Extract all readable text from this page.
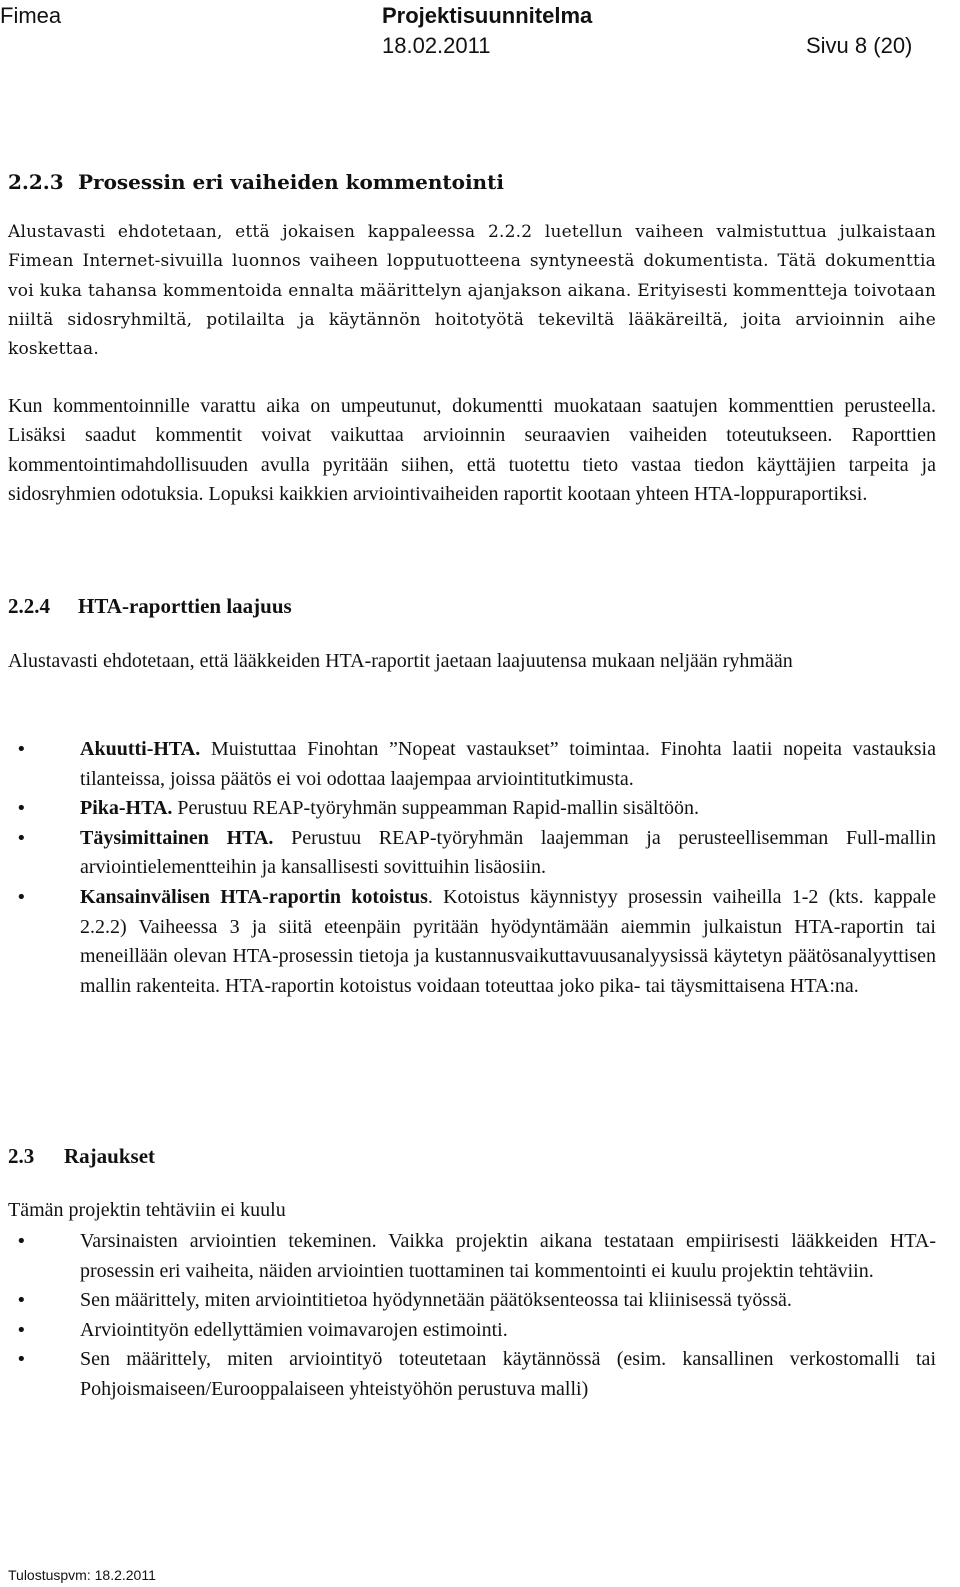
Fimea	Projektisuunnitelma
18.02.2011	Sivu 8 (20)
2.2.3 Prosessin eri vaiheiden kommentointi

Alustavasti ehdotetaan, että jokaisen kappaleessa 2.2.2 luetellun vaiheen valmistuttua julkaistaan Fimean Internet-sivuilla luonnos vaiheen lopputuotteena syntyneestä dokumentista. Tätä dokumenttia voi kuka tahansa kommentoida ennalta määrittelyn ajanjakson aikana. Erityisesti kommentteja toivotaan niiltä sidosryhmiltä, potilailta ja käytännön hoitotyötä tekeviltä lääkäreiltä, joita arvioinnin aihe koskettaa.

Kun kommentoinnille varattu aika on umpeutunut, dokumentti muokataan saatujen kommenttien perusteella. Lisäksi saadut kommentit voivat vaikuttaa arvioinnin seuraavien vaiheiden toteutukseen. Raporttien kommentointimahdollisuuden avulla pyritään siihen, että tuotettu tieto vastaa tiedon käyttäjien tarpeita ja sidosryhmien odotuksia. Lopuksi kaikkien arviointivaiheiden raportit kootaan yhteen HTA-loppuraportiksi.

2.2.4 HTA-raporttien laajuus

Alustavasti ehdotetaan, että lääkkeiden HTA-raportit jaetaan laajuutensa mukaan neljään ryhmään

• Akuutti-HTA. Muistuttaa Finohtan ”Nopeat vastaukset” toimintaa. Finohta laatii nopeita vastauksia tilanteissa, joissa päätös ei voi odottaa laajempaa arviointitutkimusta.
• Pika-HTA. Perustuu REAP-työryhmän suppeamman Rapid-mallin sisältöön.
• Täysimittainen HTA. Perustuu REAP-työryhmän laajemman ja perusteellisemman Full-mallin arviointielementteihin ja kansallisesti sovittuihin lisäosiin.
• Kansainvälisen HTA-raportin kotoistus. Kotoistus käynnistyy prosessin vaiheilla 1-2 (kts. kappale 2.2.2) Vaiheessa 3 ja siitä eteenpäin pyritään hyödyntämään aiemmin julkaistun HTA-raportin tai meneillään olevan HTA-prosessin tietoja ja kustannusvaikuttavuusanalyysissä käytetyn päätösanalyyttisen mallin rakenteita. HTA-raportin kotoistus voidaan toteuttaa joko pika- tai täysmittaisena HTA:na.
2.3 Rajaukset

Tämän projektin tehtäviin ei kuulu

• Varsinaisten arviointien tekeminen. Vaikka projektin aikana testataan empiirisesti lääkkeiden HTA-prosessin eri vaiheita, näiden arviointien tuottaminen tai kommentointi ei kuulu projektin tehtäviin.
• Sen määrittely, miten arviointitietoa hyödynnetään päätöksenteossa tai kliinisessä työssä.
• Arviointityön edellyttämien voimavarojen estimointi.
• Sen määrittely, miten arviointityö toteutetaan käytännössä (esim. kansallinen verkostomalli tai Pohjoismaiseen/Eurooppalaiseen yhteistyöhön perustuva malli)
Tulostuspvm: 18.2.2011
